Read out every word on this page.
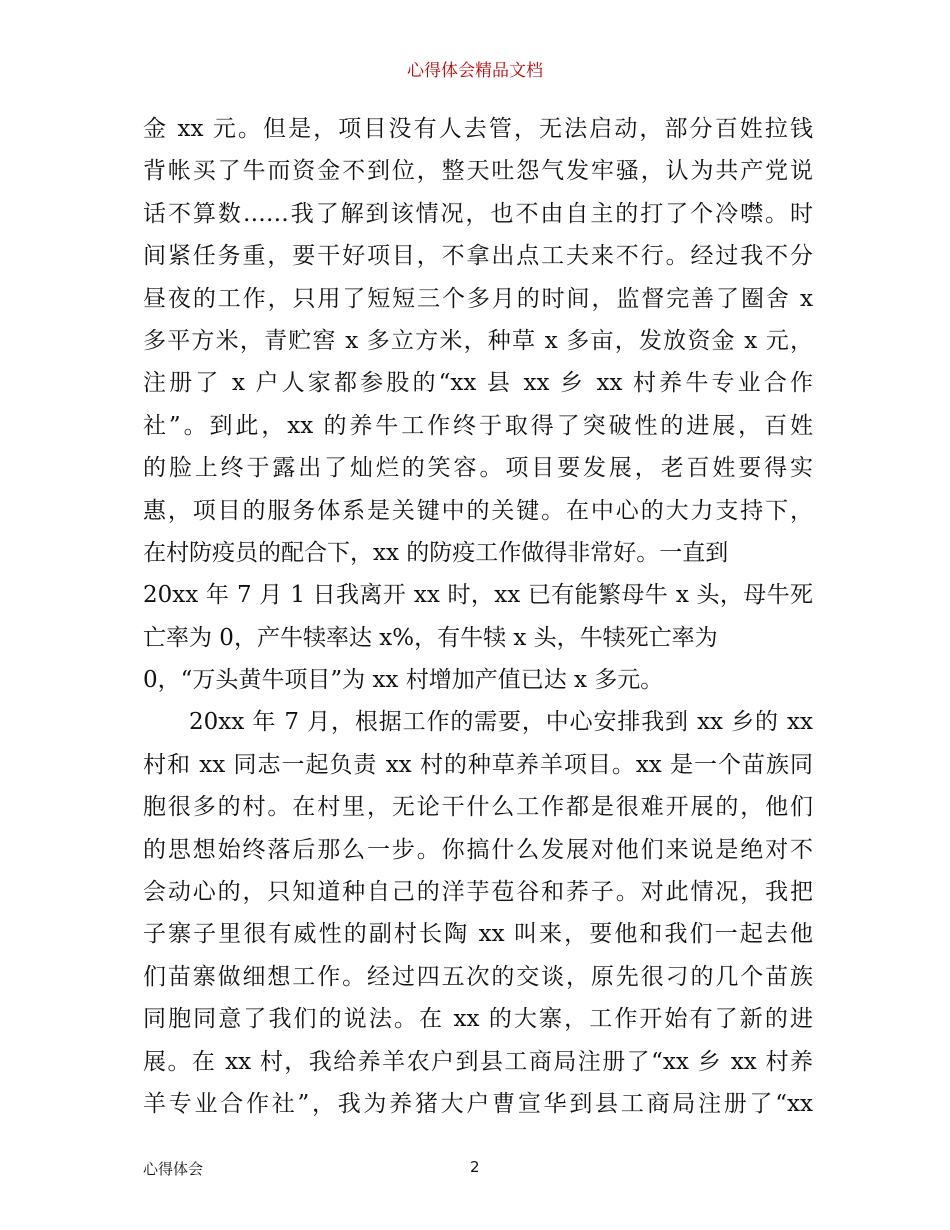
心得体会精品文档
金 xx 元。但是，项目没有人去管，无法启动，部分百姓拉钱
背帐买了牛而资金不到位，整天吐怨气发牢骚，认为共产党说
话不算数……我了解到该情况，也不由自主的打了个冷噤。时
间紧任务重，要干好项目，不拿出点工夫来不行。经过我不分
昼夜的工作，只用了短短三个多月的时间，监督完善了圈舍 x
多平方米，青贮窖 x 多立方米，种草 x 多亩，发放资金 x 元，
注册了 x 户人家都参股的“xx 县 xx 乡 xx 村养牛专业合作
社”。到此，xx 的养牛工作终于取得了突破性的进展，百姓
的脸上终于露出了灿烂的笑容。项目要发展，老百姓要得实
惠，项目的服务体系是关键中的关键。在中心的大力支持下，
在村防疫员的配合下，xx 的防疫工作做得非常好。一直到
20xx 年 7 月 1 日我离开 xx 时，xx 已有能繁母牛 x 头，母牛死
亡率为 0，产牛犊率达 x%，有牛犊 x 头，牛犊死亡率为
0，“万头黄牛项目”为 xx 村增加产值已达 x 多元。
20xx 年 7 月，根据工作的需要，中心安排我到 xx 乡的 xx
村和 xx 同志一起负责 xx 村的种草养羊项目。xx 是一个苗族同
胞很多的村。在村里，无论干什么工作都是很难开展的，他们
的思想始终落后那么一步。你搞什么发展对他们来说是绝对不
会动心的，只知道种自己的洋芋苞谷和荞子。对此情况，我把
子寨子里很有威性的副村长陶 xx 叫来，要他和我们一起去他
们苗寨做细想工作。经过四五次的交谈，原先很刁的几个苗族
同胞同意了我们的说法。在 xx 的大寨，工作开始有了新的进
展。在 xx 村，我给养羊农户到县工商局注册了“xx 乡 xx 村养
羊专业合作社”，我为养猪大户曹宣华到县工商局注册了“xx
心得体会	2
